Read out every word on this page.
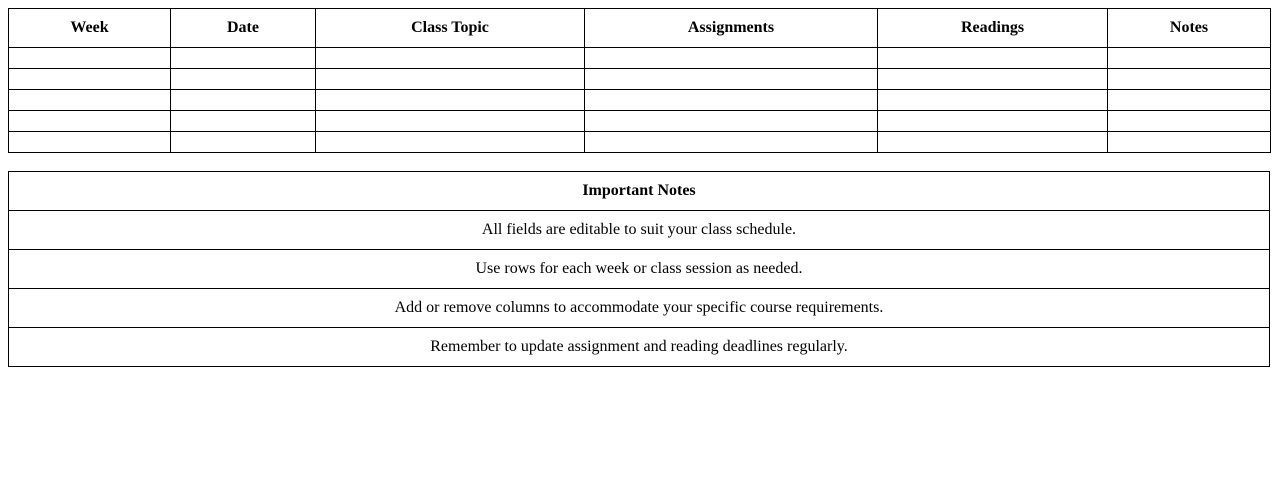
Week	Date	Class Topic	Assignments	Readings	Notes

Important Notes
All fields are editable to suit your class schedule.
Use rows for each week or class session as needed.
Add or remove columns to accommodate your specific course requirements.
Remember to update assignment and reading deadlines regularly.
